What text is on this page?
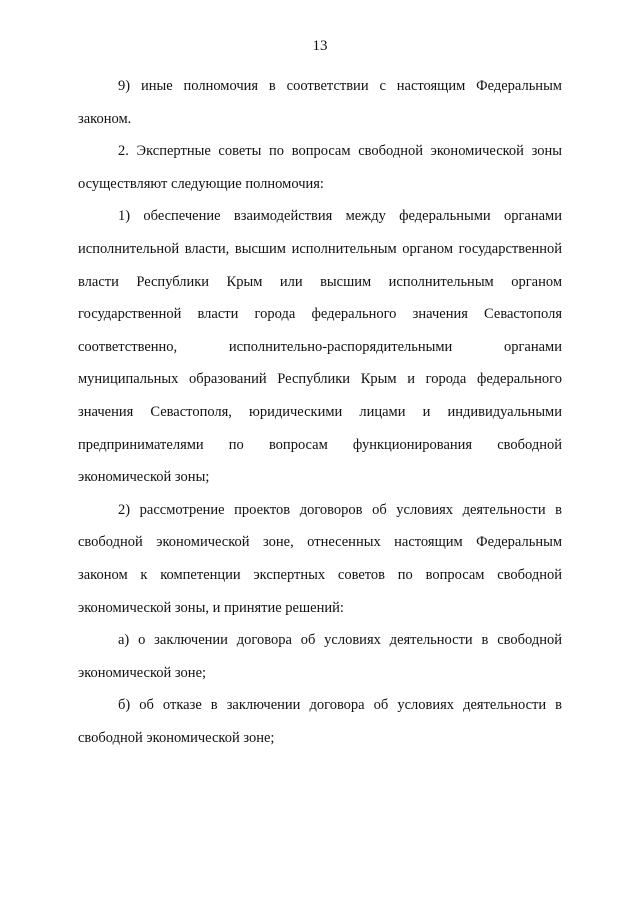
13

9) иные полномочия в соответствии с настоящим Федеральным законом.

2. Экспертные советы по вопросам свободной экономической зоны осуществляют следующие полномочия:

1) обеспечение взаимодействия между федеральными органами исполнительной власти, высшим исполнительным органом государственной власти Республики Крым или высшим исполнительным органом государственной власти города федерального значения Севастополя соответственно, исполнительно-распорядительными органами муниципальных образований Республики Крым и города федерального значения Севастополя, юридическими лицами и индивидуальными предпринимателями по вопросам функционирования свободной экономической зоны;

2) рассмотрение проектов договоров об условиях деятельности в свободной экономической зоне, отнесенных настоящим Федеральным законом к компетенции экспертных советов по вопросам свободной экономической зоны, и принятие решений:

а) о заключении договора об условиях деятельности в свободной экономической зоне;

б) об отказе в заключении договора об условиях деятельности в свободной экономической зоне;
